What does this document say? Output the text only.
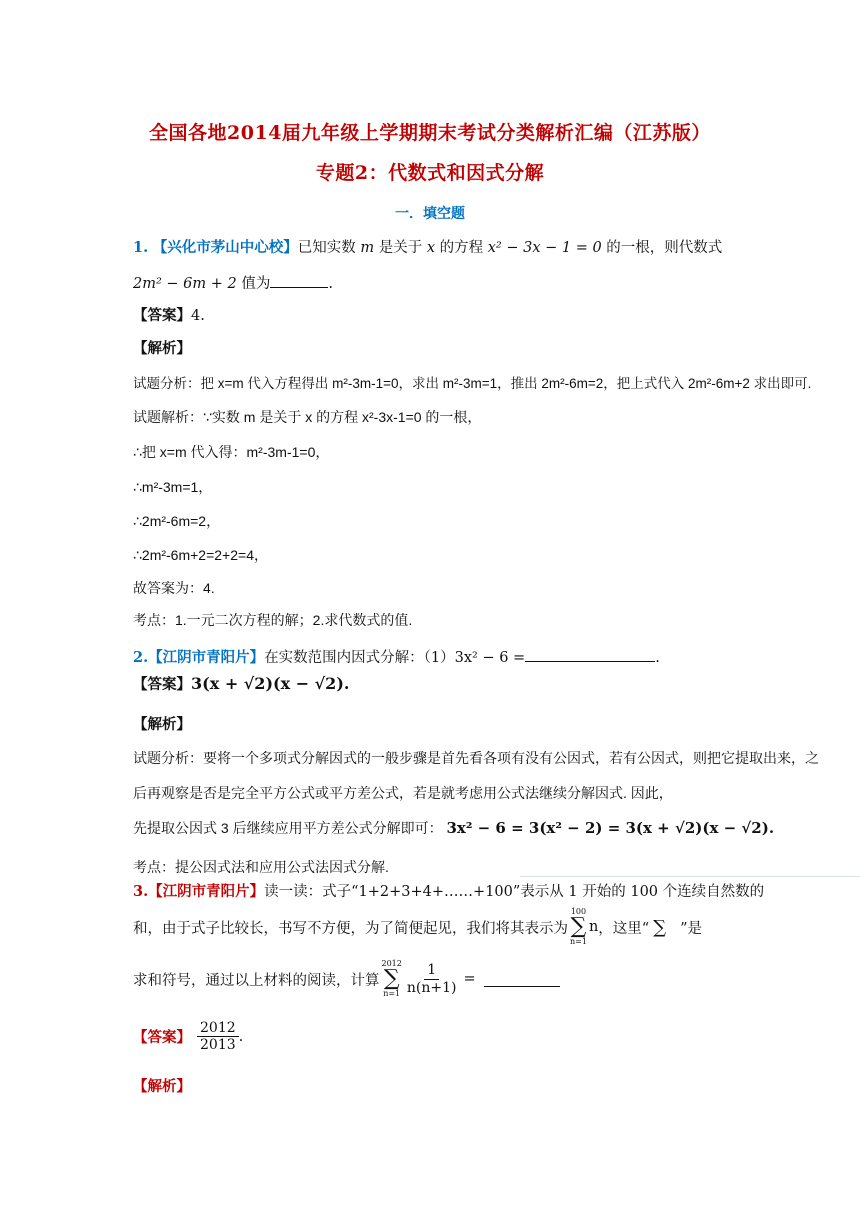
全国各地2014届九年级上学期期末考试分类解析汇编（江苏版）
专题2：代数式和因式分解
一．填空题
1. 【兴化市茅山中心校】已知实数 m 是关于 x 的方程 x² − 3x − 1 = 0 的一根，则代数式
2m² − 6m + 2 值为	.
【答案】4.
【解析】
试题分析：把 x=m 代入方程得出 m²-3m-1=0，求出 m²-3m=1，推出 2m²-6m=2，把上式代入 2m²-6m+2 求出即可.
试题解析：∵实数 m 是关于 x 的方程 x²-3x-1=0 的一根，
∴把 x=m 代入得：m²-3m-1=0，
∴m²-3m=1，
∴2m²-6m=2，
∴2m²-6m+2=2+2=4，
故答案为：4.
考点：1.一元二次方程的解；2.求代数式的值.
2.【江阴市青阳片】在实数范围内因式分解：（1）3x² − 6 =	.
【答案】3(x + √2)(x − √2).
【解析】
试题分析：要将一个多项式分解因式的一般步骤是首先看各项有没有公因式，若有公因式，则把它提取出来，之
后再观察是否是完全平方公式或平方差公式，若是就考虑用公式法继续分解因式. 因此，
先提取公因式 3 后继续应用平方差公式分解即可： 3x² − 6 = 3(x² − 2) = 3(x + √2)(x − √2).
考点：提公因式法和应用公式法因式分解.
3.【江阴市青阳片】读一读：式子“1+2+3+4+……+100”表示从 1 开始的 100 个连续自然数的
和，由于式子比较长，书写不方便，为了简便起见，我们将其表示为
100
∑
n=1
n ，这里“ ∑ ”是
求和符号，通过以上材料的阅读，计算
2012
∑
$n=1 \frac{1}{n(n+1)}$ =
【答案】 $\frac{2012}{2013}$ .
【解析】
